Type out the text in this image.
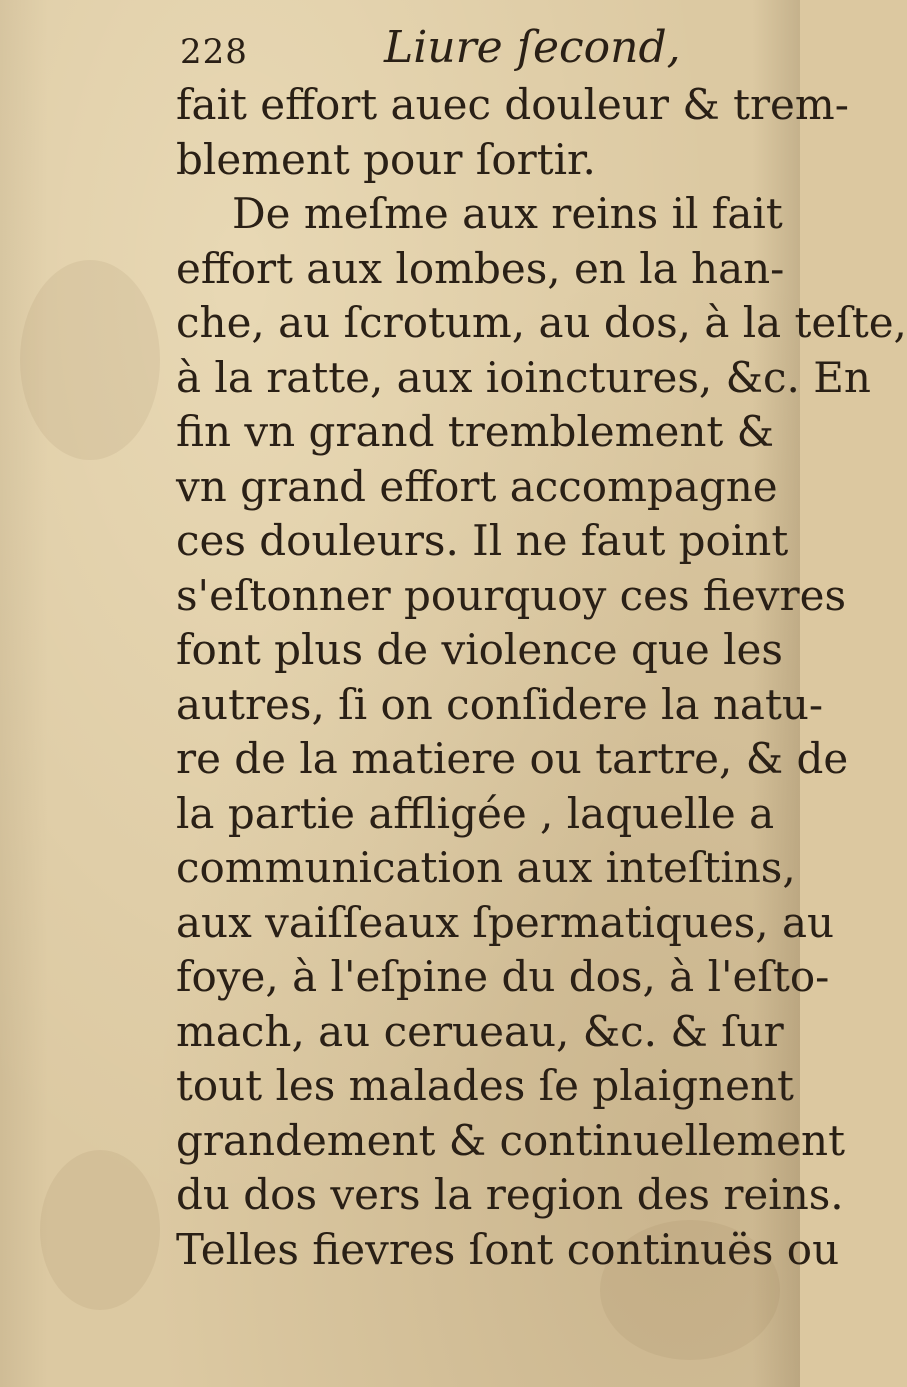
228	Liure ſecond,
fait effort auec douleur & trem-
blement pour ſortir.
De meſme aux reins il fait
effort aux lombes, en la han-
che, au ſcrotum, au dos, à la teſte,
à la ratte, aux ioinctures, &c. En
fin vn grand tremblement &
vn grand effort accompagne
ces douleurs. Il ne faut point
s'eſtonner pourquoy ces fievres
font plus de violence que les
autres, ſi on conſidere la natu-
re de la matiere ou tartre, & de
la partie affligée , laquelle a
communication aux inteſtins,
aux vaiſſeaux ſpermatiques, au
foye, à l'eſpine du dos, à l'eſto-
mach, au cerueau, &c. & ſur
tout les malades ſe plaignent
grandement & continuellement
du dos vers la region des reins.
Telles fievres ſont continuës ou
